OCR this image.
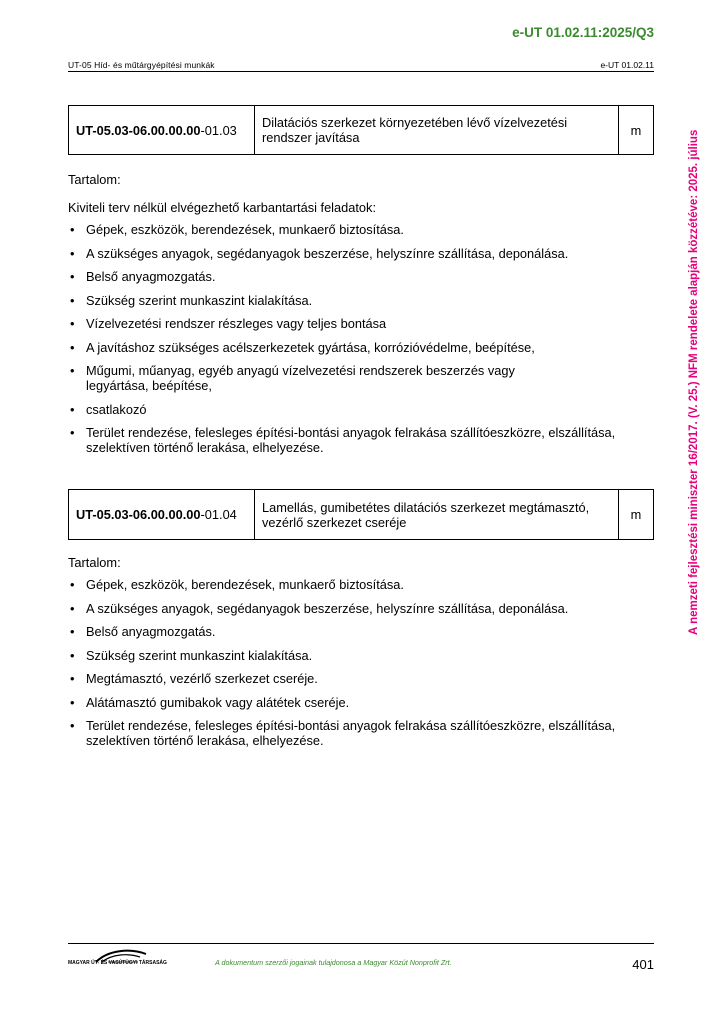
e-UT 01.02.11:2025/Q3
UT-05 Híd- és műtárgyépítési munkák	e-UT 01.02.11
A nemzeti fejlesztési miniszter 16/2017. (V. 25.) NFM rendelete alapján közzétéve: 2025. július
UT-05.03-06.00.00.00-01.03	Dilatációs szerkezet környezetében lévő vízelvezetési rendszer javítása	m

Tartalom:

Kiviteli terv nélkül elvégezhető karbantartási feladatok:

• Gépek, eszközök, berendezések, munkaerő biztosítása.
• A szükséges anyagok, segédanyagok beszerzése, helyszínre szállítása, deponálása.
• Belső anyagmozgatás.
• Szükség szerint munkaszint kialakítása.
• Vízelvezetési rendszer részleges vagy teljes bontása
• A javításhoz szükséges acélszerkezetek gyártása, korrózióvédelme, beépítése,
• Műgumi, műanyag, egyéb anyagú vízelvezetési rendszerek beszerzés vagy legyártása, beépítése,
• csatlakozó
• Terület rendezése, felesleges építési-bontási anyagok felrakása szállítóeszközre, elszállítása, szelektíven történő lerakása, elhelyezése.
UT-05.03-06.00.00.00-01.04	Lamellás, gumibetétes dilatációs szerkezet megtámasztó, vezérlő szerkezet cseréje	m

Tartalom:

• Gépek, eszközök, berendezések, munkaerő biztosítása.
• A szükséges anyagok, segédanyagok beszerzése, helyszínre szállítása, deponálása.
• Belső anyagmozgatás.
• Szükség szerint munkaszint kialakítása.
• Megtámasztó, vezérlő szerkezet cseréje.
• Alátámasztó gumibakok vagy alátétek cseréje.
• Terület rendezése, felesleges építési-bontási anyagok felrakása szállítóeszközre, elszállítása, szelektíven történő lerakása, elhelyezése.
MAGYAR ÚT- ÉS VASÚTÜGYI TÁRSASÁG	A dokumentum szerzői jogainak tulajdonosa a Magyar Közút Nonprofit Zrt.	401
